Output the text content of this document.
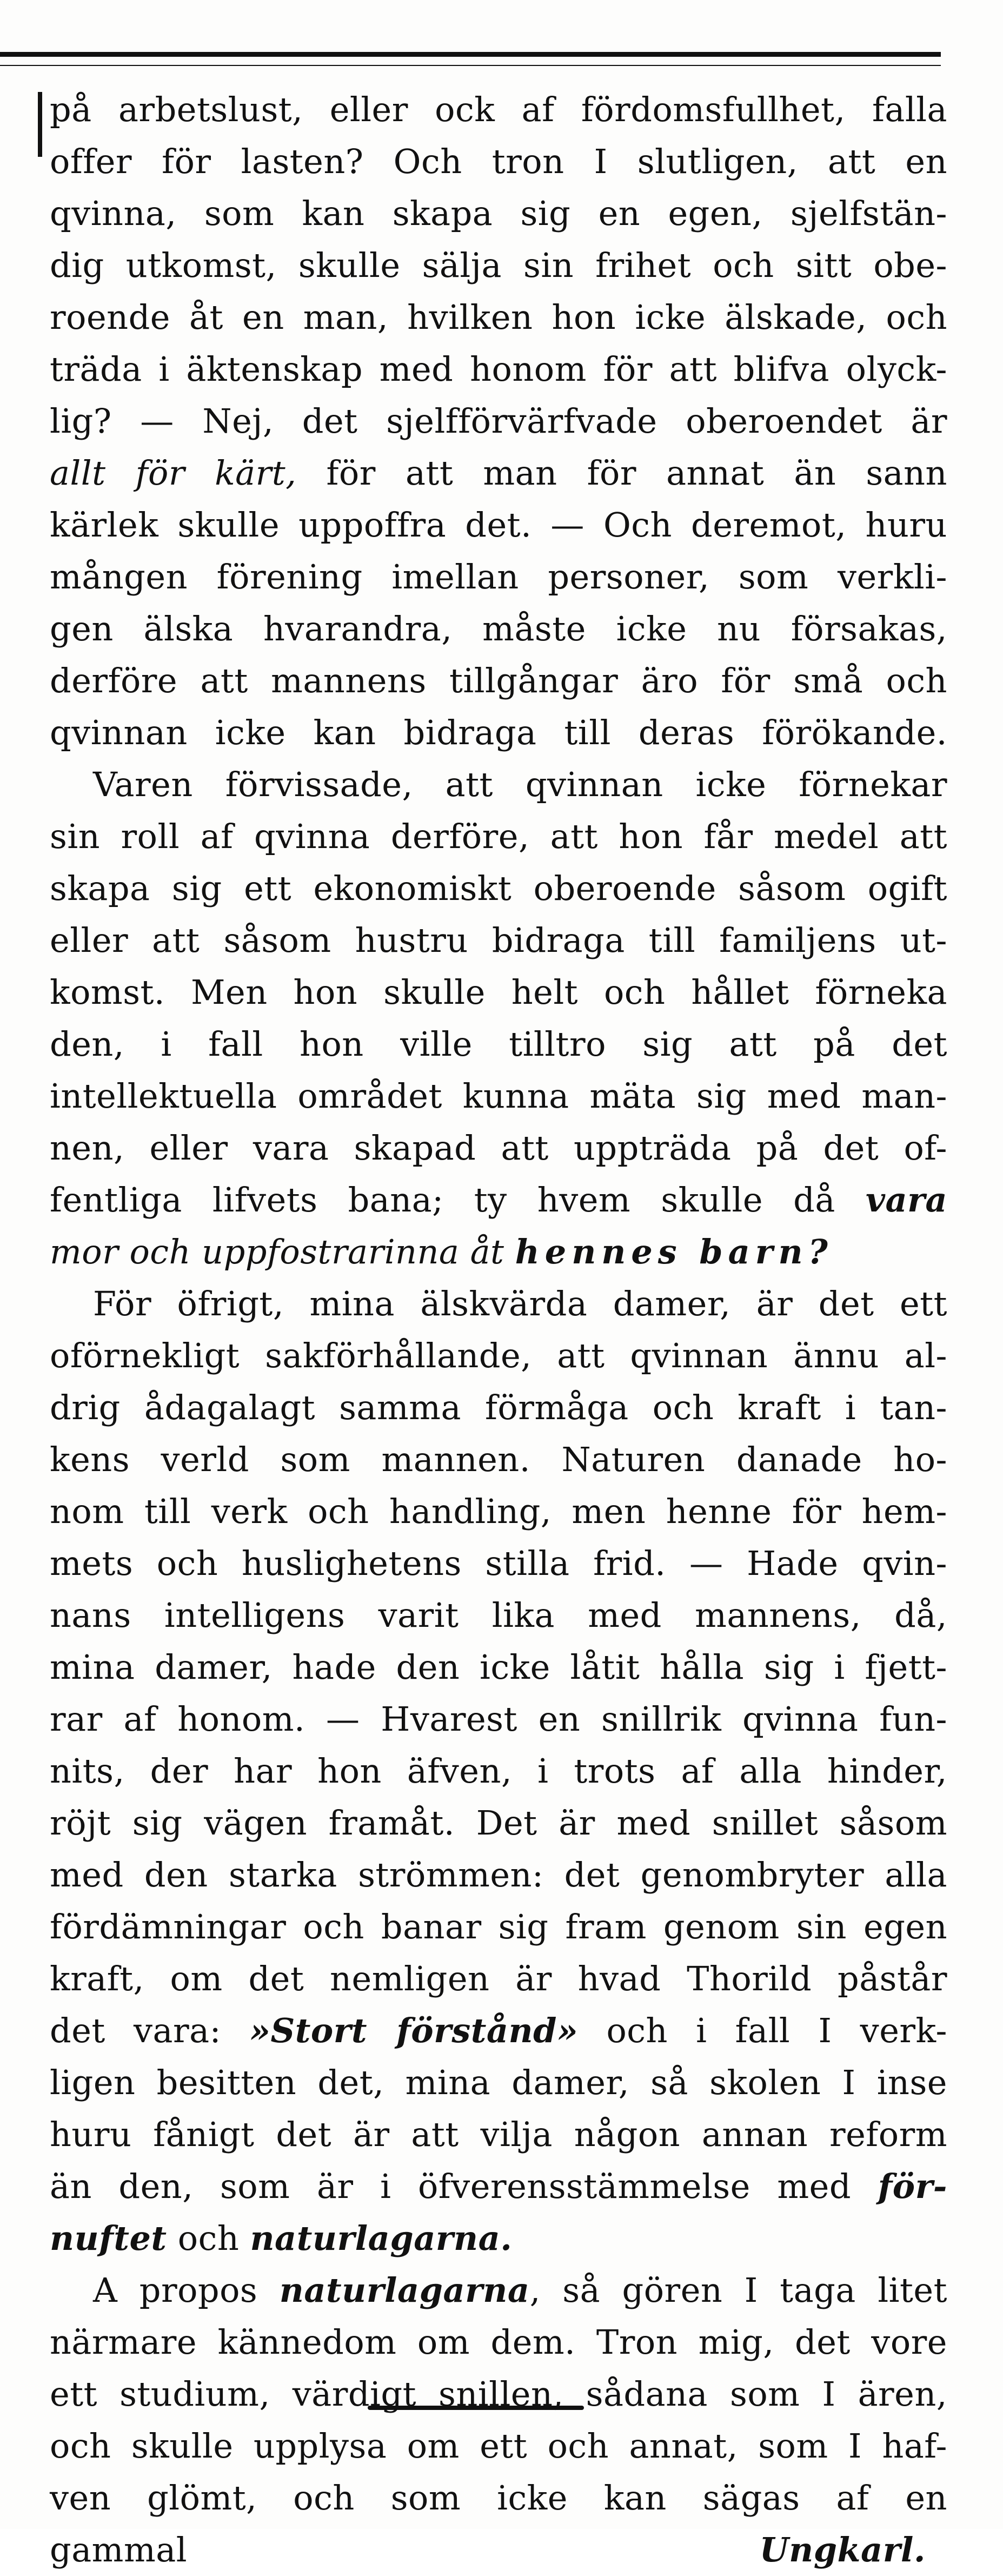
på arbetslust, eller ock af fördomsfullhet, falla
offer för lasten? Och tron I slutligen, att en
qvinna, som kan skapa sig en egen, sjelfstän-
dig utkomst, skulle sälja sin frihet och sitt obe-
roende åt en man, hvilken hon icke älskade, och
träda i äktenskap med honom för att blifva olyck-
lig? — Nej, det sjelfförvärfvade oberoendet är
allt för kärt, för att man för annat än sann
kärlek skulle uppoffra det. — Och deremot, huru
mången förening imellan personer, som verkli-
gen älska hvarandra, måste icke nu försakas,
derföre att mannens tillgångar äro för små och
qvinnan icke kan bidraga till deras förökande.
Varen förvissade, att qvinnan icke förnekar
sin roll af qvinna derföre, att hon får medel att
skapa sig ett ekonomiskt oberoende såsom ogift
eller att såsom hustru bidraga till familjens ut-
komst. Men hon skulle helt och hållet förneka
den, i fall hon ville tilltro sig att på det
intellektuella området kunna mäta sig med man-
nen, eller vara skapad att uppträda på det of-
fentliga lifvets bana; ty hvem skulle då vara
mor och uppfostrarinna åt hennes barn?
För öfrigt, mina älskvärda damer, är det ett
oförnekligt sakförhållande, att qvinnan ännu al-
drig ådagalagt samma förmåga och kraft i tan-
kens verld som mannen. Naturen danade ho-
nom till verk och handling, men henne för hem-
mets och huslighetens stilla frid. — Hade qvin-
nans intelligens varit lika med mannens, då,
mina damer, hade den icke låtit hålla sig i fjett-
rar af honom. — Hvarest en snillrik qvinna fun-
nits, der har hon äfven, i trots af alla hinder,
röjt sig vägen framåt. Det är med snillet såsom
med den starka strömmen: det genombryter alla
fördämningar och banar sig fram genom sin egen
kraft, om det nemligen är hvad Thorild påstår
det vara: »Stort förstånd» och i fall I verk-
ligen besitten det, mina damer, så skolen I inse
huru fånigt det är att vilja någon annan reform
än den, som är i öfverensstämmelse med för-
nuftet och naturlagarna.
A propos naturlagarna, så gören I taga litet
närmare kännedom om dem. Tron mig, det vore
ett studium, värdigt snillen, sådana som I ären,
och skulle upplysa om ett och annat, som I haf-
ven glömt, och som icke kan sägas af en
gammal	Ungkarl.
